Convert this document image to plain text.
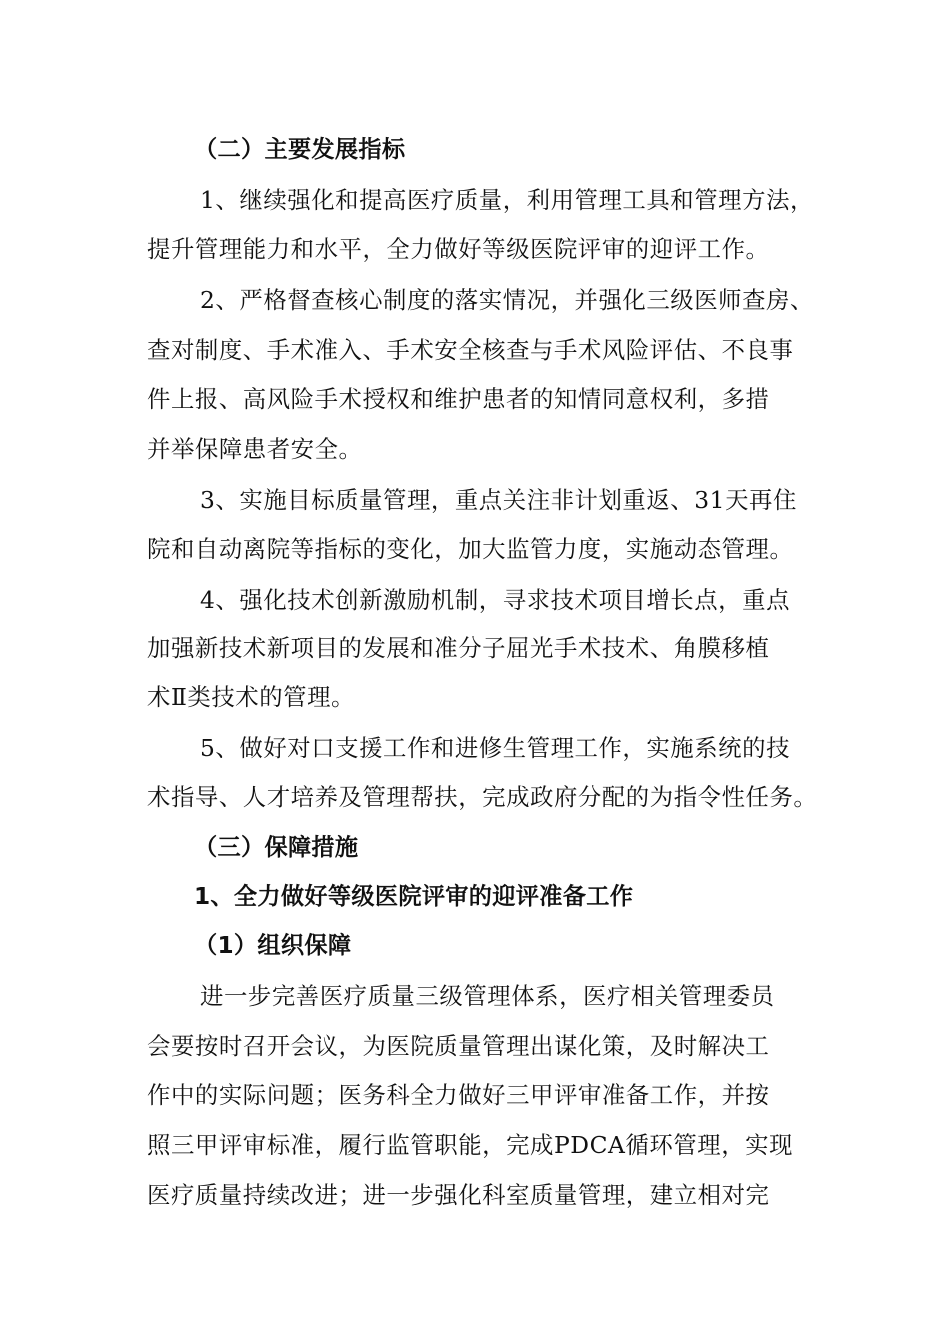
（二）主要发展指标
1、继续强化和提高医疗质量，利用管理工具和管理方法，
提升管理能力和水平，全力做好等级医院评审的迎评工作。
2、严格督查核心制度的落实情况，并强化三级医师查房、
查对制度、手术准入、手术安全核查与手术风险评估、不良事
件上报、高风险手术授权和维护患者的知情同意权利，多措
并举保障患者安全。
3、实施目标质量管理，重点关注非计划重返、31天再住
院和自动离院等指标的变化，加大监管力度，实施动态管理。
4、强化技术创新激励机制，寻求技术项目增长点，重点
加强新技术新项目的发展和准分子屈光手术技术、角膜移植
术Ⅱ类技术的管理。
5、做好对口支援工作和进修生管理工作，实施系统的技
术指导、人才培养及管理帮扶，完成政府分配的为指令性任务。
（三）保障措施
1、全力做好等级医院评审的迎评准备工作
（1）组织保障
进一步完善医疗质量三级管理体系，医疗相关管理委员
会要按时召开会议，为医院质量管理出谋化策，及时解决工
作中的实际问题；医务科全力做好三甲评审准备工作，并按
照三甲评审标准，履行监管职能，完成PDCA循环管理，实现
医疗质量持续改进；进一步强化科室质量管理，建立相对完
